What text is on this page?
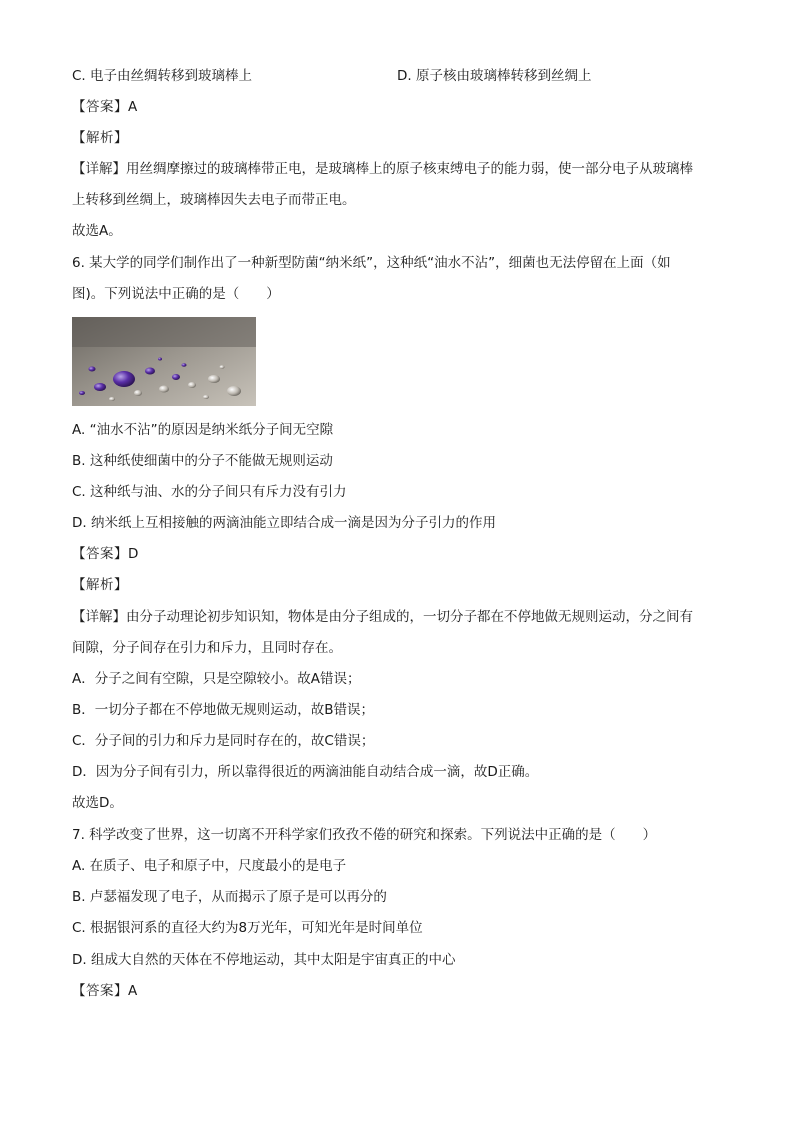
C. 电子由丝绸转移到玻璃棒上	D. 原子核由玻璃棒转移到丝绸上
【答案】A
【解析】
【详解】用丝绸摩擦过的玻璃棒带正电，是玻璃棒上的原子核束缚电子的能力弱，使一部分电子从玻璃棒
上转移到丝绸上，玻璃棒因失去电子而带正电。
故选A。
6. 某大学的同学们制作出了一种新型防菌“纳米纸”，这种纸“油水不沾”，细菌也无法停留在上面（如
图)。下列说法中正确的是（　　）
A. “油水不沾”的原因是纳米纸分子间无空隙
B. 这种纸使细菌中的分子不能做无规则运动
C. 这种纸与油、水的分子间只有斥力没有引力
D. 纳米纸上互相接触的两滴油能立即结合成一滴是因为分子引力的作用
【答案】D
【解析】
【详解】由分子动理论初步知识知，物体是由分子组成的，一切分子都在不停地做无规则运动，分之间有
间隙，分子间存在引力和斥力，且同时存在。
A．分子之间有空隙，只是空隙较小。故A错误；
B．一切分子都在不停地做无规则运动，故B错误；
C．分子间的引力和斥力是同时存在的，故C错误；
D．因为分子间有引力，所以靠得很近的两滴油能自动结合成一滴，故D正确。
故选D。
7. 科学改变了世界，这一切离不开科学家们孜孜不倦的研究和探索。下列说法中正确的是（　　）
A. 在质子、电子和原子中，尺度最小的是电子
B. 卢瑟福发现了电子，从而揭示了原子是可以再分的
C. 根据银河系的直径大约为8万光年，可知光年是时间单位
D. 组成大自然的天体在不停地运动，其中太阳是宇宙真正的中心
【答案】A
